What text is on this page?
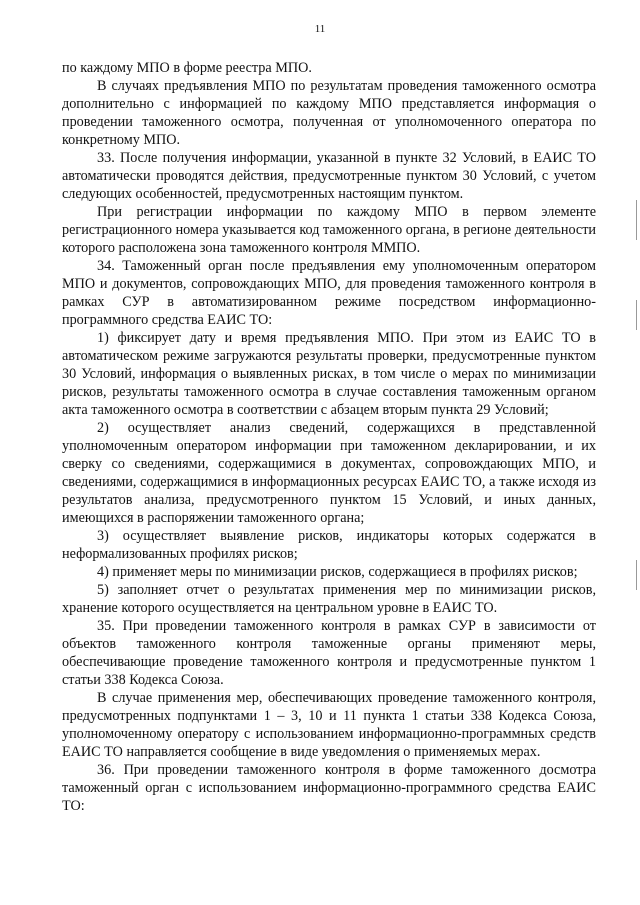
11

по каждому МПО в форме реестра МПО.

В случаях предъявления МПО по результатам проведения таможенного осмотра дополнительно с информацией по каждому МПО представляется информация о проведении таможенного осмотра, полученная от уполномоченного оператора по конкретному МПО.

33. После получения информации, указанной в пункте 32 Условий, в ЕАИС ТО автоматически проводятся действия, предусмотренные пунктом 30 Условий, с учетом следующих особенностей, предусмотренных настоящим пунктом.

При регистрации информации по каждому МПО в первом элементе регистрационного номера указывается код таможенного органа, в регионе деятельности которого расположена зона таможенного контроля ММПО.

34. Таможенный орган после предъявления ему уполномоченным оператором МПО и документов, сопровождающих МПО, для проведения таможенного контроля в рамках СУР в автоматизированном режиме посредством информационно-программного средства ЕАИС ТО:

1) фиксирует дату и время предъявления МПО. При этом из ЕАИС ТО в автоматическом режиме загружаются результаты проверки, предусмотренные пунктом 30 Условий, информация о выявленных рисках, в том числе о мерах по минимизации рисков, результаты таможенного осмотра в случае составления таможенным органом акта таможенного осмотра в соответствии с абзацем вторым пункта 29 Условий;

2) осуществляет анализ сведений, содержащихся в представленной уполномоченным оператором информации при таможенном декларировании, и их сверку со сведениями, содержащимися в документах, сопровождающих МПО, и сведениями, содержащимися в информационных ресурсах ЕАИС ТО, а также исходя из результатов анализа, предусмотренного пунктом 15 Условий, и иных данных, имеющихся в распоряжении таможенного органа;

3) осуществляет выявление рисков, индикаторы которых содержатся в неформализованных профилях рисков;

4) применяет меры по минимизации рисков, содержащиеся в профилях рисков;

5) заполняет отчет о результатах применения мер по минимизации рисков, хранение которого осуществляется на центральном уровне в ЕАИС ТО.

35. При проведении таможенного контроля в рамках СУР в зависимости от объектов таможенного контроля таможенные органы применяют меры, обеспечивающие проведение таможенного контроля и предусмотренные пунктом 1 статьи 338 Кодекса Союза.

В случае применения мер, обеспечивающих проведение таможенного контроля, предусмотренных подпунктами 1 – 3, 10 и 11 пункта 1 статьи 338 Кодекса Союза, уполномоченному оператору с использованием информационно-программных средств ЕАИС ТО направляется сообщение в виде уведомления о применяемых мерах.

36. При проведении таможенного контроля в форме таможенного досмотра таможенный орган с использованием информационно-программного средства ЕАИС ТО:
